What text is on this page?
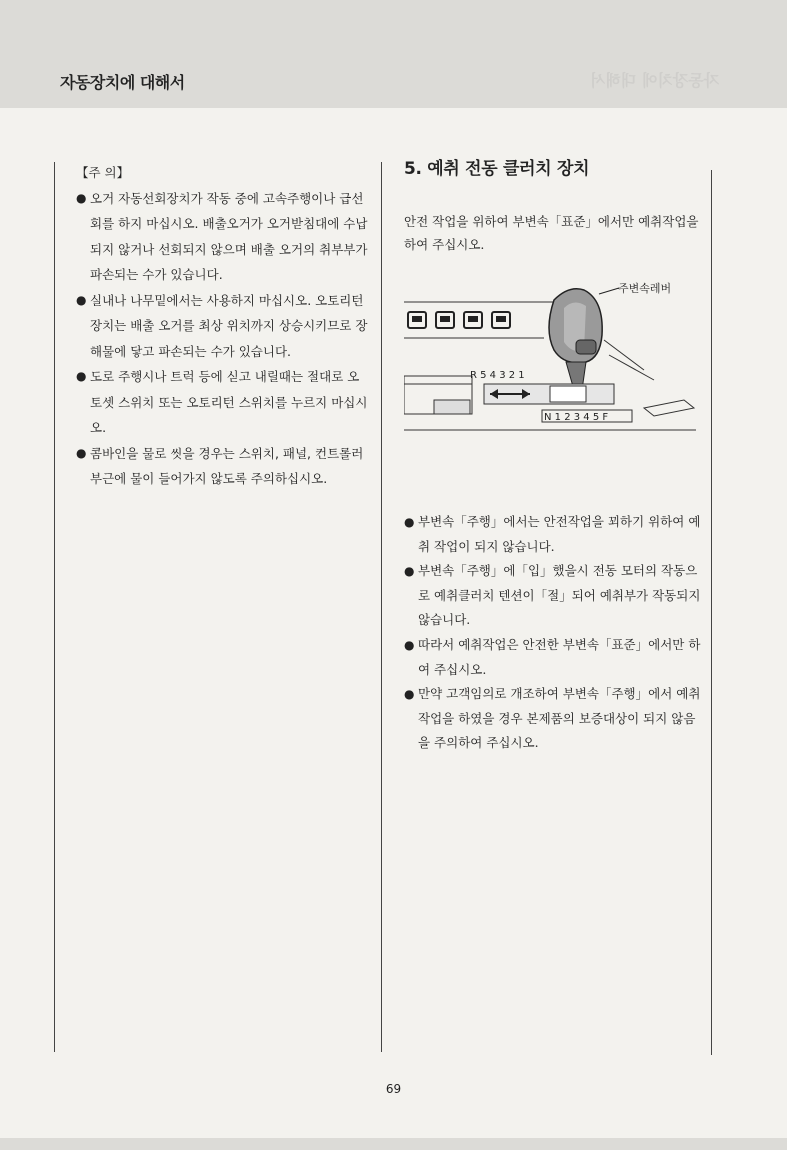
자동장치에 대해서	자동장치에 대해서
【주 의】
● 오거 자동선회장치가 작동 중에 고속주행이나 급선회를 하지 마십시오. 배출오거가 오거받침대에 수납되지 않거나 선회되지 않으며 배출 오거의 취부부가 파손되는 수가 있습니다.
● 실내나 나무밑에서는 사용하지 마십시오. 오토리턴장치는 배출 오거를 최상 위치까지 상승시키므로 장해물에 닿고 파손되는 수가 있습니다.
● 도로 주행시나 트럭 등에 싣고 내릴때는 절대로 오토셋 스위치 또는 오토리턴 스위치를 누르지 마십시오.
● 콤바인을 물로 씻을 경우는 스위치, 패널, 컨트롤러 부근에 물이 들어가지 않도록 주의하십시오.
5. 예취 전동 클러치 장치
안전 작업을 위하여 부변속「표준」에서만 예취작업을 하여 주십시오.
주변속레버
R 5 4 3 2 1
N 1 2 3 4 5 F
● 부변속「주행」에서는 안전작업을 꾀하기 위하여 예취 작업이 되지 않습니다.
● 부변속「주행」에「입」했을시 전동 모터의 작동으로 예취클러치 텐션이「절」되어 예취부가 작동되지 않습니다.
● 따라서 예취작업은 안전한 부변속「표준」에서만 하여 주십시오.
● 만약 고객임의로 개조하여 부변속「주행」에서 예취작업을 하였을 경우 본제품의 보증대상이 되지 않음을 주의하여 주십시오.
69
